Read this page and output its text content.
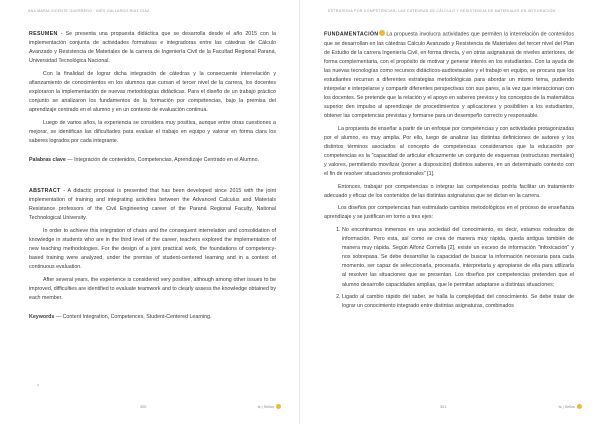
ANA MARÍA VICENTE GUERRERO · INÉS GALLARDO RUIZ DÍAZ

RESUMEN - Se presenta una propuesta didáctica que se desarrolla desde el año 2015 con la implementación conjunta de actividades formativas e integradoras entre las cátedras de Cálculo Avanzado y Resistencia de Materiales de la carrera de Ingeniería Civil de la Facultad Regional Paraná, Universidad Tecnológica Nacional.

Con la finalidad de lograr dicha integración de cátedras y la consecuente interrelación y afianzamiento de conocimientos en los alumnos que cursan el tercer nivel de la carrera, los docentes exploraron la implementación de nuevas metodologías didácticas. Para el diseño de un trabajo práctico conjunto se analizaron los fundamentos de la formación por competencias, bajo la premisa del aprendizaje centrado en el alumno y en un contexto de evaluación continua.

Luego de varios años, la experiencia se considera muy positiva, aunque entre otras cuestiones a mejorar, se identifican las dificultades para evaluar el trabajo en equipo y valorar en forma clara los saberes logrados por cada integrante.

Palabras clave — Integración de contenidos, Competencias, Aprendizaje Centrado en el Alumno.

ABSTRACT - A didactic proposal is presented that has been developed since 2015 with the joint implementation of training and integrating activities between the Advanced Calculus and Materials Resistance professors of the Civil Engineering career of the Paraná Regional Faculty, National Technological University.

In order to achieve this integration of chairs and the consequent interrelation and consolidation of knowledge in students who are in the third level of the career, teachers explored the implementation of new teaching methodologies. For the design of a joint practical work, the foundations of competency-based training were analyzed, under the premise of student-centered learning and in a context of continuous evaluation.

After several years, the experience is considered very positive, although among other issues to be improved, difficulties are identified to evaluate teamwork and to clearly assess the knowledge obtained by each member.

Keywords — Content Integration, Competences, Student-Centered Learning.

o
300	ts | Sellos
ESTRATEGIA POR COMPETENCIAS: LAS CÁTEDRAS DE CÁLCULO Y RESISTENCIA DE MATERIALES EN INTEGRACIÓN

FUNDAMENTACIÓN La propuesta involucra actividades que permiten la interrelación de contenidos que se desarrollan en las cátedras Cálculo Avanzado y Resistencia de Materiales del tercer nivel del Plan de Estudio de la carrera Ingeniería Civil, en forma directa, y en otras asignaturas de niveles anteriores, de forma complementaria, con el propósito de motivar y generar interés en los estudiantes. Con la ayuda de las nuevas tecnologías como recursos didácticos-audiovisuales y el trabajo en equipo, se procura que los estudiantes recurran a diferentes estrategias metodológicas para abordar un mismo tema, pudiendo interpelar e interpelarse y compartir diferentes perspectivas con sus pares, a la vez que interaccionan con los docentes. Se pretende que la relación y el apoyo en saberes previos y los conceptos de la matemática superior den impulso al aprendizaje de procedimientos y aplicaciones y posibiliten a los estudiantes, obtener las competencias previstas y formarse para un desempeño correcto y responsable.

La propuesta de enseñar a partir de un enfoque por competencias y con actividades protagonizadas por el alumno, es muy amplia. Por ello, luego de analizar las distintas definiciones de autores y los distintos términos asociados al concepto de competencias consideramos que la educación por competencias es la "capacidad de articular eficazmente un conjunto de esquemas (estructuras mentales) y valores, permitiendo movilizar (poner a disposición) distintos saberes, en un determinado contexto con el fin de resolver situaciones profesionales" [1].

Entonces, trabajar por competencias o integrar las competencias podría facilitar un tratamiento adecuado y eficaz de los contenidos de las distintas asignaturas que se dictan en la carrera.

Los diseños por competencias han estimulado cambios metodológicos en el proceso de enseñanza aprendizaje y se justifican en torno a tres ejes:

1. No encontramos inmersos en una sociedad del conocimiento, es decir, estamos rodeados de información. Pero esta, así como se crea de manera muy rápida, queda antigua también de manera muy rápida. Según Alfonz Cornella [2], existe un exceso de información "infoxicación" y nos sobrepasa. Se debe desarrollar la capacidad de buscar la información necesaria para cada momento, ser capaz de seleccionarla, procesarla, interpretarla y apropiarse de ella para utilizarla al resolver las situaciones que se presentan. Los diseños por competencias pretenden que el alumno desarrolle capacidades amplias, que le permitan adaptarse a distintas situaciones;
2. Ligado al cambio rápido del saber, se halla la complejidad del conocimiento. Se debe tratar de lograr un conocimiento integrado entre distintas asignaturas, combinados
301	ts | Sellos
